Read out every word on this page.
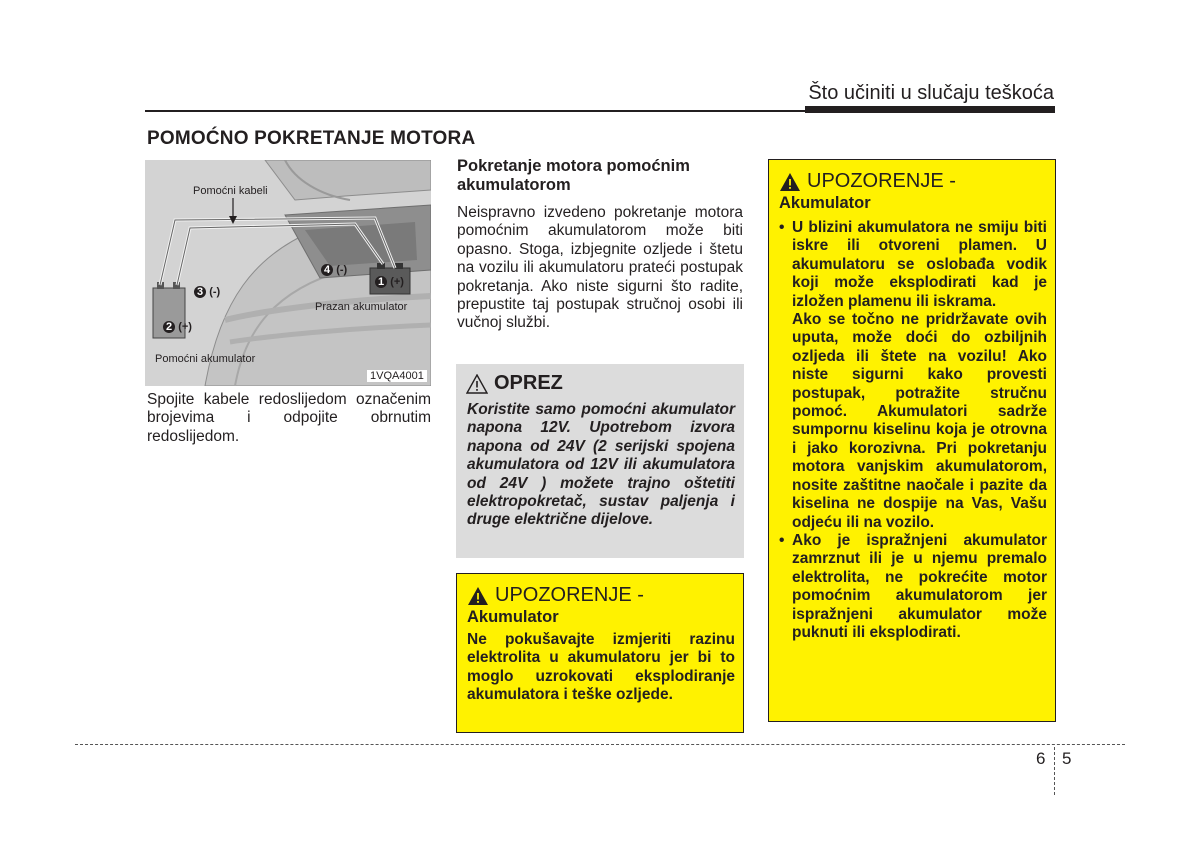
Što učiniti u slučaju teškoća
POMOĆNO POKRETANJE MOTORA
Pomoćni kabeli
Prazan akumulator
Pomoćni akumulator
1VQA4001
1 (+)
2 (+)
3 (-)
4 (-)
Spojite kabele redoslijedom označenim brojevima i odpojite obrnutim redoslijedom.
Pokretanje motora pomoćnim akumulatorom
Neispravno izvedeno pokretanje motora pomoćnim akumulatorom može biti opasno. Stoga, izbjegnite ozljede i štetu na vozilu ili akumulatoru prateći postupak pokretanja. Ako niste sigurni što radite, prepustite taj postupak stručnoj osobi ili vučnoj službi.
OPREZ
Koristite samo pomoćni akumulator napona 12V. Upotrebom izvora napona od 24V (2 serijski spojena akumulatora od 12V ili akumulatora od 24V ) možete trajno oštetiti elektropokretač, sustav paljenja i druge električne dijelove.
UPOZORENJE -
Akumulator
Ne pokušavajte izmjeriti razinu elektrolita u akumulatoru jer bi to moglo uzrokovati eksplodiranje akumulatora i teške ozljede.
UPOZORENJE -
Akumulator
• U blizini akumulatora ne smiju biti iskre ili otvoreni plamen. U akumulatoru se oslobađa vodik koji može eksplodirati kad je izložen plamenu ili iskrama.
Ako se točno ne pridržavate ovih uputa, može doći do ozbiljnih ozljeda ili štete na vozilu! Ako niste sigurni kako provesti postupak, potražite stručnu pomoć. Akumulatori sadrže sumpornu kiselinu koja je otrovna i jako korozivna. Pri pokretanju motora vanjskim akumulatorom, nosite zaštitne naočale i pazite da kiselina ne dospije na Vas, Vašu odjeću ili na vozilo.
• Ako je ispražnjeni akumulator zamrznut ili je u njemu premalo elektrolita, ne pokrećite motor pomoćnim akumulatorom jer ispražnjeni akumulator može puknuti ili eksplodirati.
6 5
